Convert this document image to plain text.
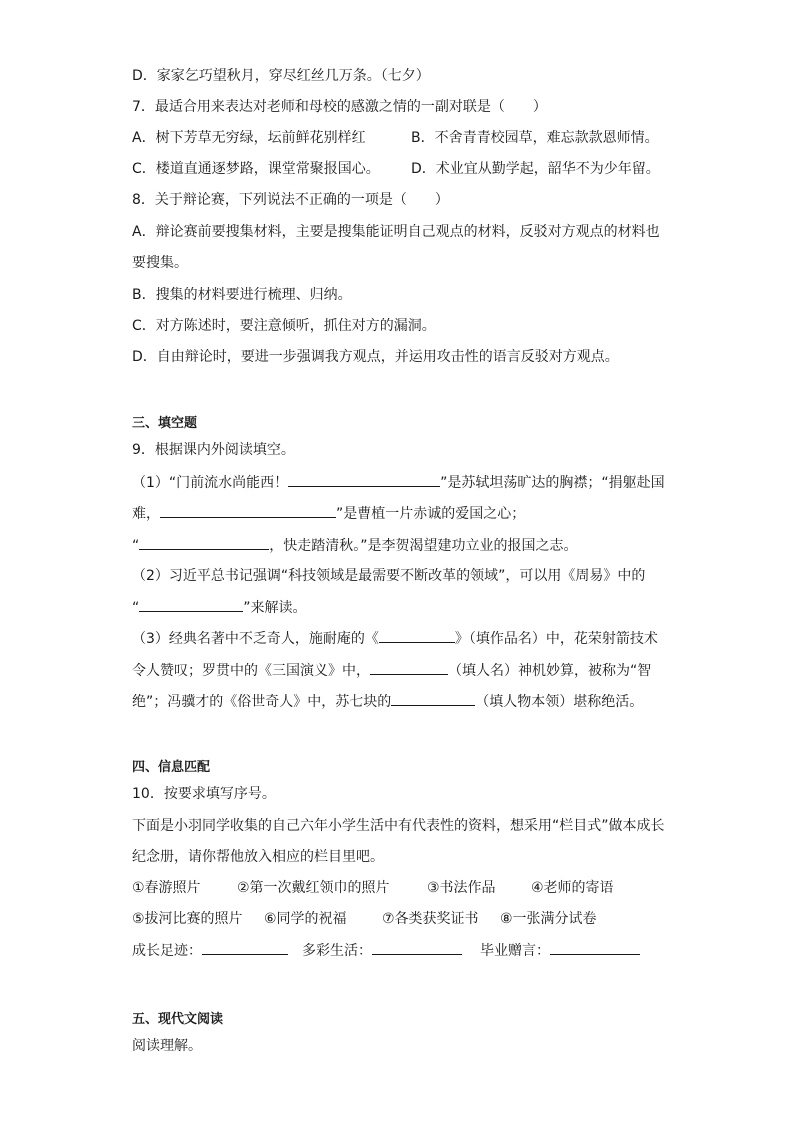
D．家家乞巧望秋月，穿尽红丝几万条。（七夕）
7．最适合用来表达对老师和母校的感激之情的一副对联是（　　）
A．树下芳草无穷绿，坛前鲜花别样红	B．不舍青青校园草，难忘款款恩师情。
C．楼道直通逐梦路，课堂常聚报国心。 D．术业宜从勤学起，韶华不为少年留。
8．关于辩论赛，下列说法不正确的一项是（　　）
A．辩论赛前要搜集材料，主要是搜集能证明自己观点的材料，反驳对方观点的材料也
要搜集。
B．搜集的材料要进行梳理、归纳。
C．对方陈述时，要注意倾听，抓住对方的漏洞。
D．自由辩论时，要进一步强调我方观点，并运用攻击性的语言反驳对方观点。
三、填空题
9．根据课内外阅读填空。
（1）“门前流水尚能西！	”是苏轼坦荡旷达的胸襟；“捐躯赴国
难，	”是曹植一片赤诚的爱国之心；
“	，快走踏清秋。”是李贺渴望建功立业的报国之志。
（2）习近平总书记强调“科技领域是最需要不断改革的领域”，可以用《周易》中的
“	”来解读。
（3）经典名著中不乏奇人，施耐庵的《	》（填作品名）中，花荣射箭技术
令人赞叹；罗贯中的《三国演义》中，	（填人名）神机妙算，被称为“智
绝”；冯骥才的《俗世奇人》中，苏七块的	（填人物本领）堪称绝活。
四、信息匹配
10．按要求填写序号。
下面是小羽同学收集的自己六年小学生活中有代表性的资料，想采用“栏目式”做本成长
纪念册，请你帮他放入相应的栏目里吧。
①春游照片	②第一次戴红领巾的照片	③书法作品	④老师的寄语
⑤拔河比赛的照片 ⑥同学的祝福	⑦各类获奖证书 ⑧一张满分试卷
成长足迹：	多彩生活：	毕业赠言：
五、现代文阅读
阅读理解。
